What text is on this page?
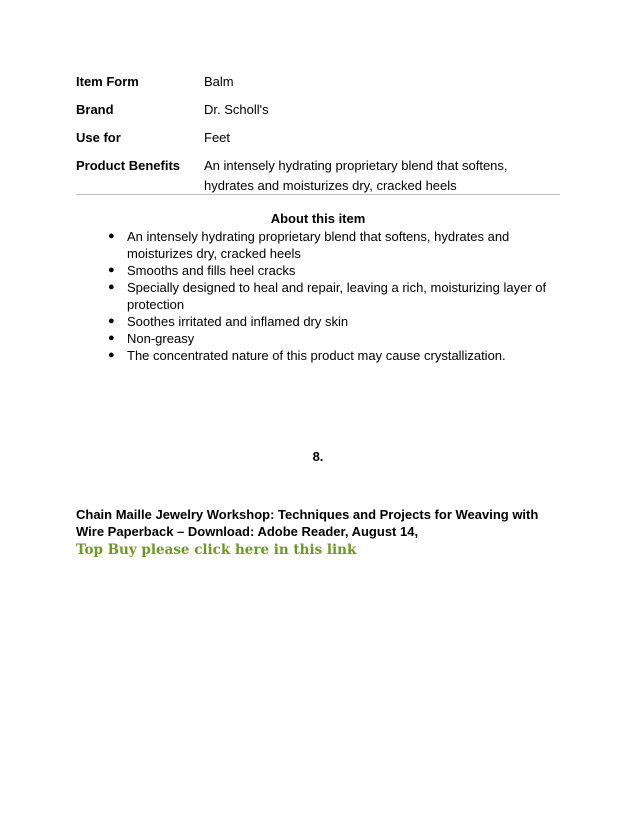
Item Form	Balm
Brand	Dr. Scholl's
Use for	Feet
Product Benefits	An intensely hydrating proprietary blend that softens, hydrates and moisturizes dry, cracked heels
About this item
● An intensely hydrating proprietary blend that softens, hydrates and moisturizes dry, cracked heels
● Smooths and fills heel cracks
● Specially designed to heal and repair, leaving a rich, moisturizing layer of protection
● Soothes irritated and inflamed dry skin
● Non-greasy
● The concentrated nature of this product may cause crystallization.
8.
Chain Maille Jewelry Workshop: Techniques and Projects for Weaving with Wire Paperback – Download: Adobe Reader, August 14,
Top Buy please click here in this link
